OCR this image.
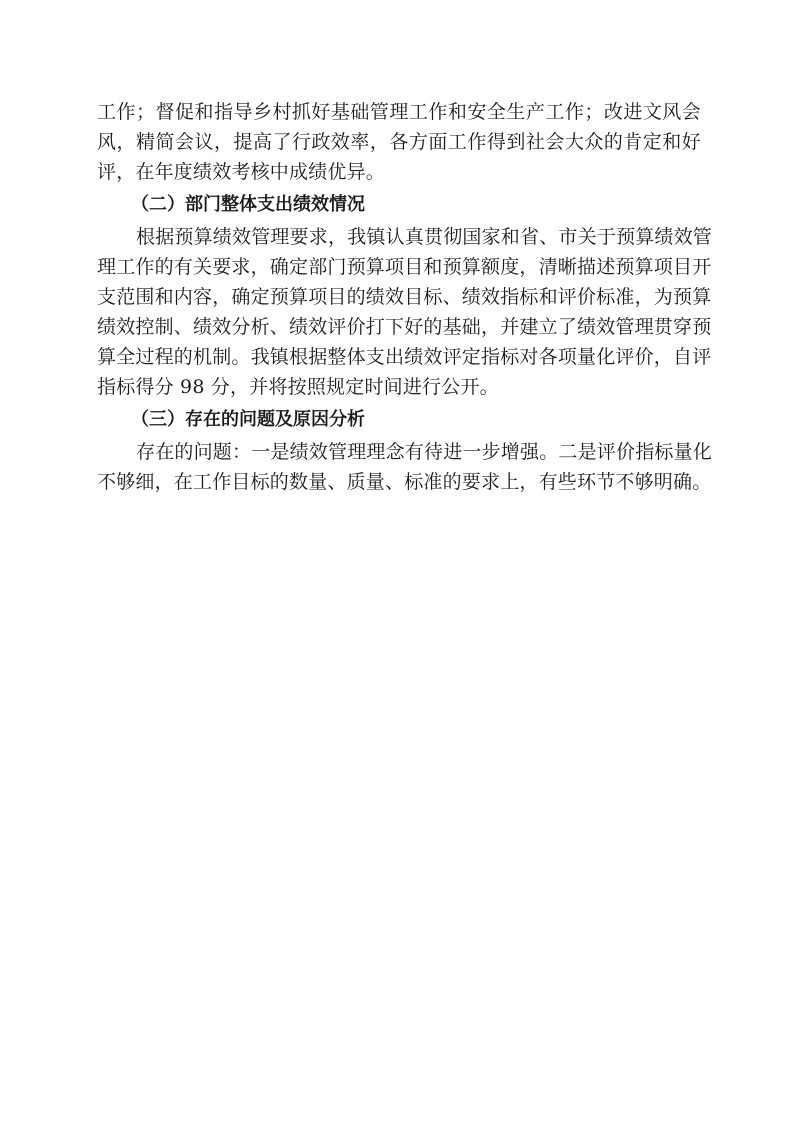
工作；督促和指导乡村抓好基础管理工作和安全生产工作；改进文风会
风，精简会议，提高了行政效率，各方面工作得到社会大众的肯定和好
评，在年度绩效考核中成绩优异。
（二）部门整体支出绩效情况
根据预算绩效管理要求，我镇认真贯彻国家和省、市关于预算绩效管
理工作的有关要求，确定部门预算项目和预算额度，清晰描述预算项目开
支范围和内容，确定预算项目的绩效目标、绩效指标和评价标准，为预算
绩效控制、绩效分析、绩效评价打下好的基础，并建立了绩效管理贯穿预
算全过程的机制。我镇根据整体支出绩效评定指标对各项量化评价，自评
指标得分 98 分，并将按照规定时间进行公开。
（三）存在的问题及原因分析
存在的问题：一是绩效管理理念有待进一步增强。二是评价指标量化
不够细，在工作目标的数量、质量、标准的要求上，有些环节不够明确。
